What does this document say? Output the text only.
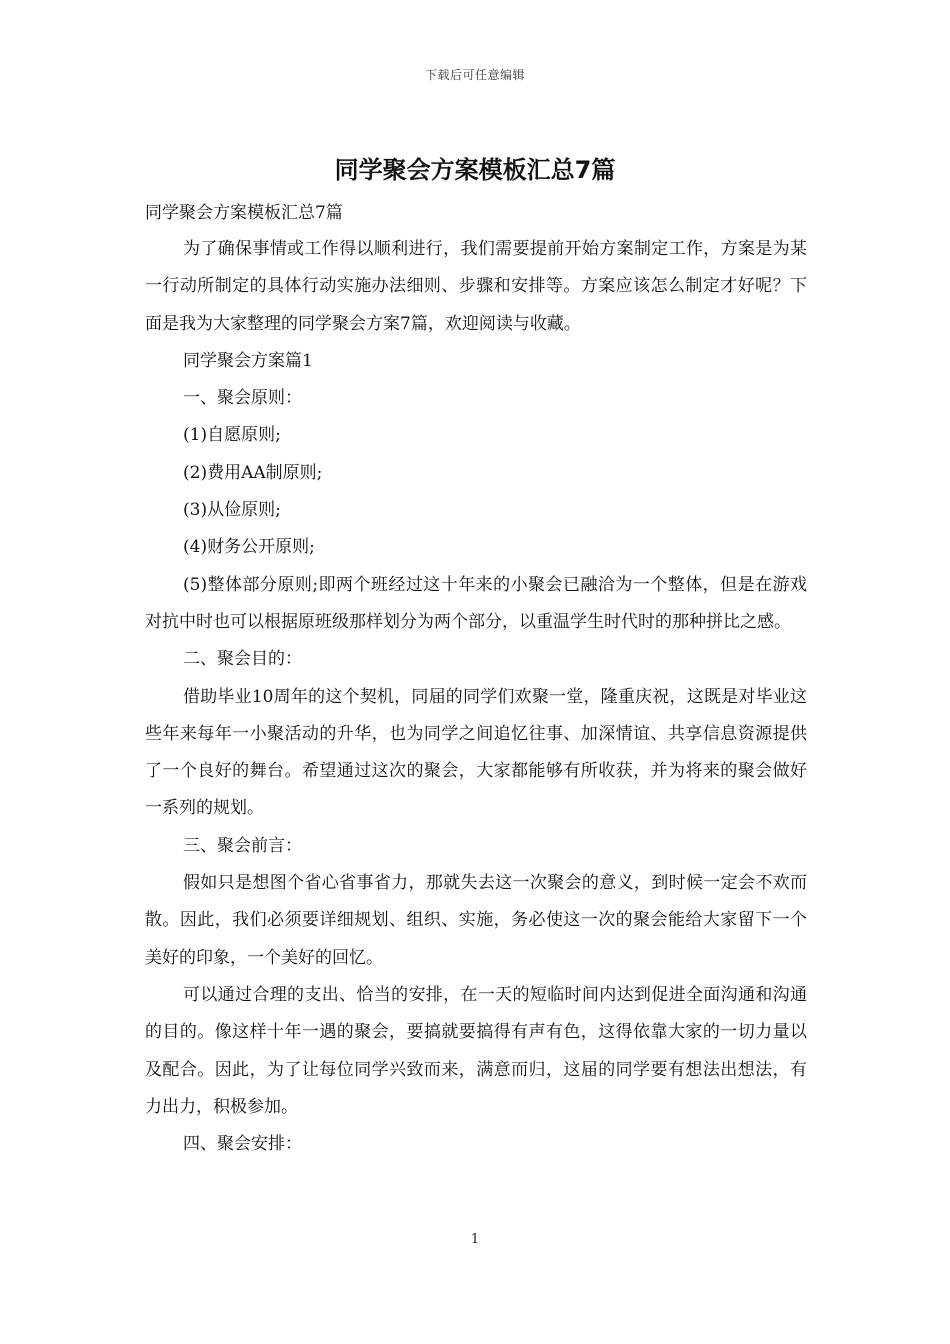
下载后可任意编辑
同学聚会方案模板汇总7篇

同学聚会方案模板汇总7篇

为了确保事情或工作得以顺利进行，我们需要提前开始方案制定工作，方案是为某一行动所制定的具体行动实施办法细则、步骤和安排等。方案应该怎么制定才好呢？下面是我为大家整理的同学聚会方案7篇，欢迎阅读与收藏。

同学聚会方案篇1

一、聚会原则：

(1)自愿原则;

(2)费用AA制原则;

(3)从俭原则;

(4)财务公开原则;

(5)整体部分原则;即两个班经过这十年来的小聚会已融洽为一个整体，但是在游戏对抗中时也可以根据原班级那样划分为两个部分，以重温学生时代时的那种拼比之感。

二、聚会目的：

借助毕业10周年的这个契机，同届的同学们欢聚一堂，隆重庆祝，这既是对毕业这些年来每年一小聚活动的升华，也为同学之间追忆往事、加深情谊、共享信息资源提供了一个良好的舞台。希望通过这次的聚会，大家都能够有所收获，并为将来的聚会做好一系列的规划。

三、聚会前言：

假如只是想图个省心省事省力，那就失去这一次聚会的意义，到时候一定会不欢而散。因此，我们必须要详细规划、组织、实施，务必使这一次的聚会能给大家留下一个美好的印象，一个美好的回忆。

可以通过合理的支出、恰当的安排，在一天的短临时间内达到促进全面沟通和沟通的目的。像这样十年一遇的聚会，要搞就要搞得有声有色，这得依靠大家的一切力量以及配合。因此，为了让每位同学兴致而来，满意而归，这届的同学要有想法出想法，有力出力，积极参加。

四、聚会安排：

1
